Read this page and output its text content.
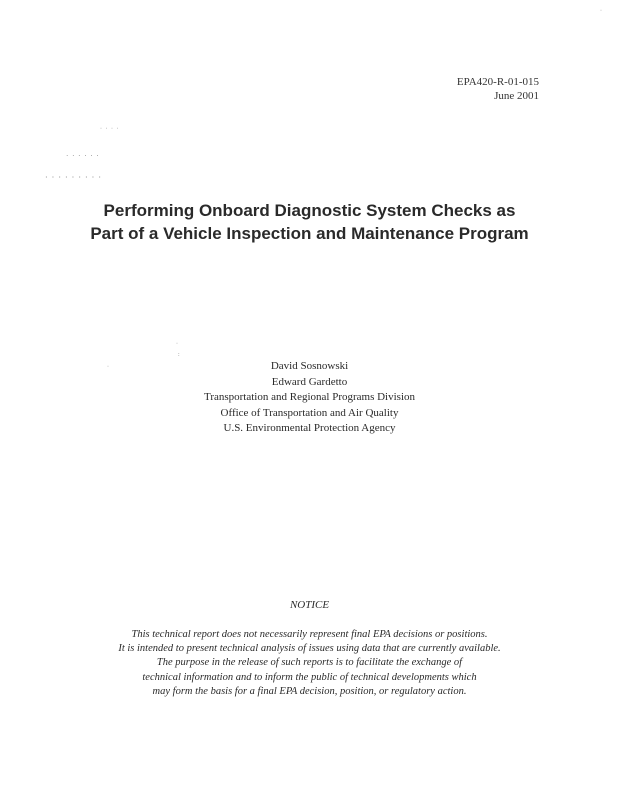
EPA420-R-01-015
June 2001
·
· · · ·
· · · · · ·
· · · · · · · · ·
·
:
·
Performing Onboard Diagnostic System Checks as
Part of a Vehicle Inspection and Maintenance Program
David Sosnowski
Edward Gardetto
Transportation and Regional Programs Division
Office of Transportation and Air Quality
U.S. Environmental Protection Agency
NOTICE
This technical report does not necessarily represent final EPA decisions or positions.
It is intended to present technical analysis of issues using data that are currently available.
The purpose in the release of such reports is to facilitate the exchange of
technical information and to inform the public of technical developments which
may form the basis for a final EPA decision, position, or regulatory action.
